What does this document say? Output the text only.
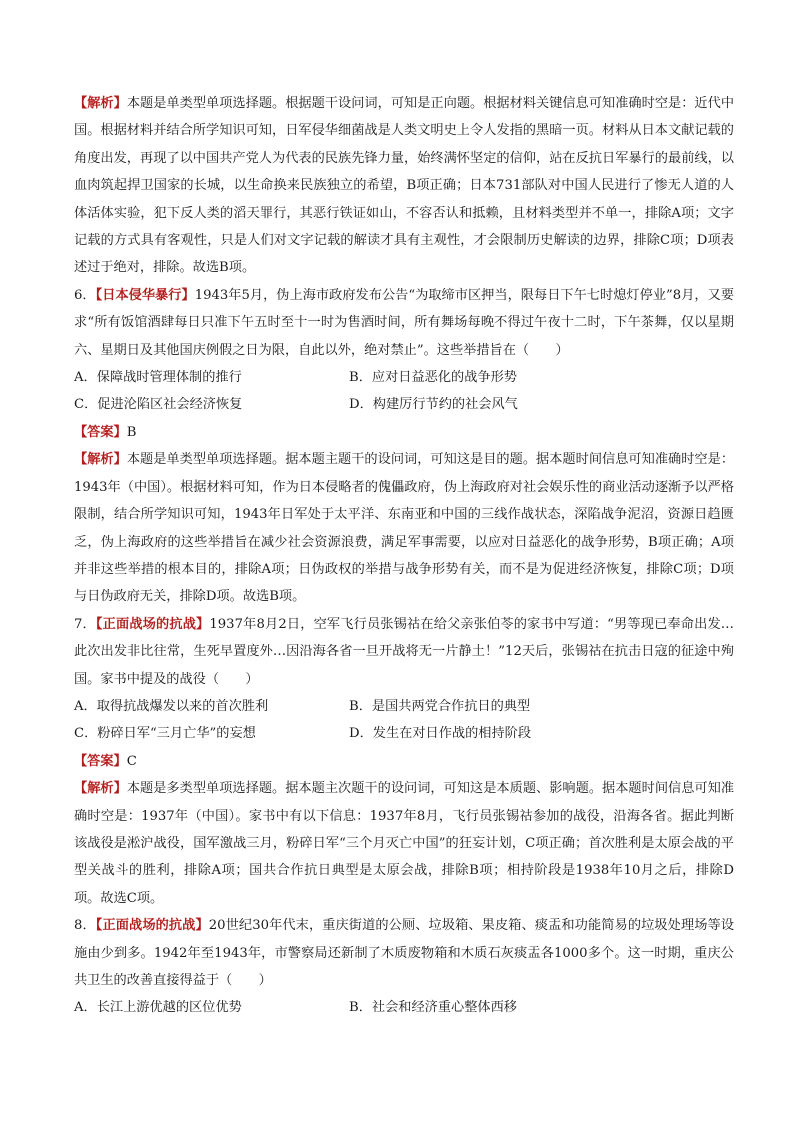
【解析】本题是单类型单项选择题。根据题干设问词，可知是正向题。根据材料关键信息可知准确时空是：近代中国。根据材料并结合所学知识可知，日军侵华细菌战是人类文明史上令人发指的黑暗一页。材料从日本文献记载的角度出发，再现了以中国共产党人为代表的民族先锋力量，始终满怀坚定的信仰，站在反抗日军暴行的最前线，以血肉筑起捍卫国家的长城，以生命换来民族独立的希望，B项正确；日本731部队对中国人民进行了惨无人道的人体活体实验，犯下反人类的滔天罪行，其恶行铁证如山，不容否认和抵赖，且材料类型并不单一，排除A项；文字记载的方式具有客观性，只是人们对文字记载的解读才具有主观性，才会限制历史解读的边界，排除C项；D项表述过于绝对，排除。故选B项。

6．【日本侵华暴行】1943年5月，伪上海市政府发布公告“为取缔市区押当，限每日下午七时熄灯停业”8月，又要求“所有饭馆酒肆每日只准下午五时至十一时为售酒时间，所有舞场每晚不得过午夜十二时，下午茶舞，仅以星期六、星期日及其他国庆例假之日为限，自此以外，绝对禁止”。这些举措旨在（　　）

A．保障战时管理体制的推行	B．应对日益恶化的战争形势
C．促进沦陷区社会经济恢复	D．构建厉行节约的社会风气

【答案】B

【解析】本题是单类型单项选择题。据本题主题干的设问词，可知这是目的题。据本题时间信息可知准确时空是：1943年（中国）。根据材料可知，作为日本侵略者的傀儡政府，伪上海政府对社会娱乐性的商业活动逐渐予以严格限制，结合所学知识可知，1943年日军处于太平洋、东南亚和中国的三线作战状态，深陷战争泥沼，资源日趋匮乏，伪上海政府的这些举措旨在减少社会资源浪费，满足军事需要，以应对日益恶化的战争形势，B项正确；A项并非这些举措的根本目的，排除A项；日伪政权的举措与战争形势有关，而不是为促进经济恢复，排除C项；D项与日伪政府无关，排除D项。故选B项。

7．【正面战场的抗战】1937年8月2日，空军飞行员张锡祜在给父亲张伯苓的家书中写道：“男等现已奉命出发…此次出发非比往常，生死早置度外…因沿海各省一旦开战将无一片静土！”12天后，张锡祜在抗击日寇的征途中殉国。家书中提及的战役（　　）

A．取得抗战爆发以来的首次胜利	B．是国共两党合作抗日的典型
C．粉碎日军“三月亡华”的妄想	D．发生在对日作战的相持阶段

【答案】C

【解析】本题是多类型单项选择题。据本题主次题干的设问词，可知这是本质题、影响题。据本题时间信息可知准确时空是：1937年（中国）。家书中有以下信息：1937年8月，飞行员张锡祜参加的战役，沿海各省。据此判断该战役是淞沪战役，国军激战三月，粉碎日军“三个月灭亡中国”的狂妄计划，C项正确；首次胜利是太原会战的平型关战斗的胜利，排除A项；国共合作抗日典型是太原会战，排除B项；相持阶段是1938年10月之后，排除D项。故选C项。

8．【正面战场的抗战】20世纪30年代末，重庆街道的公厕、垃圾箱、果皮箱、痰盂和功能简易的垃圾处理场等设施由少到多。1942年至1943年，市警察局还新制了木质废物箱和木质石灰痰盂各1000多个。这一时期，重庆公共卫生的改善直接得益于（　　）

A．长江上游优越的区位优势	B．社会和经济重心整体西移
